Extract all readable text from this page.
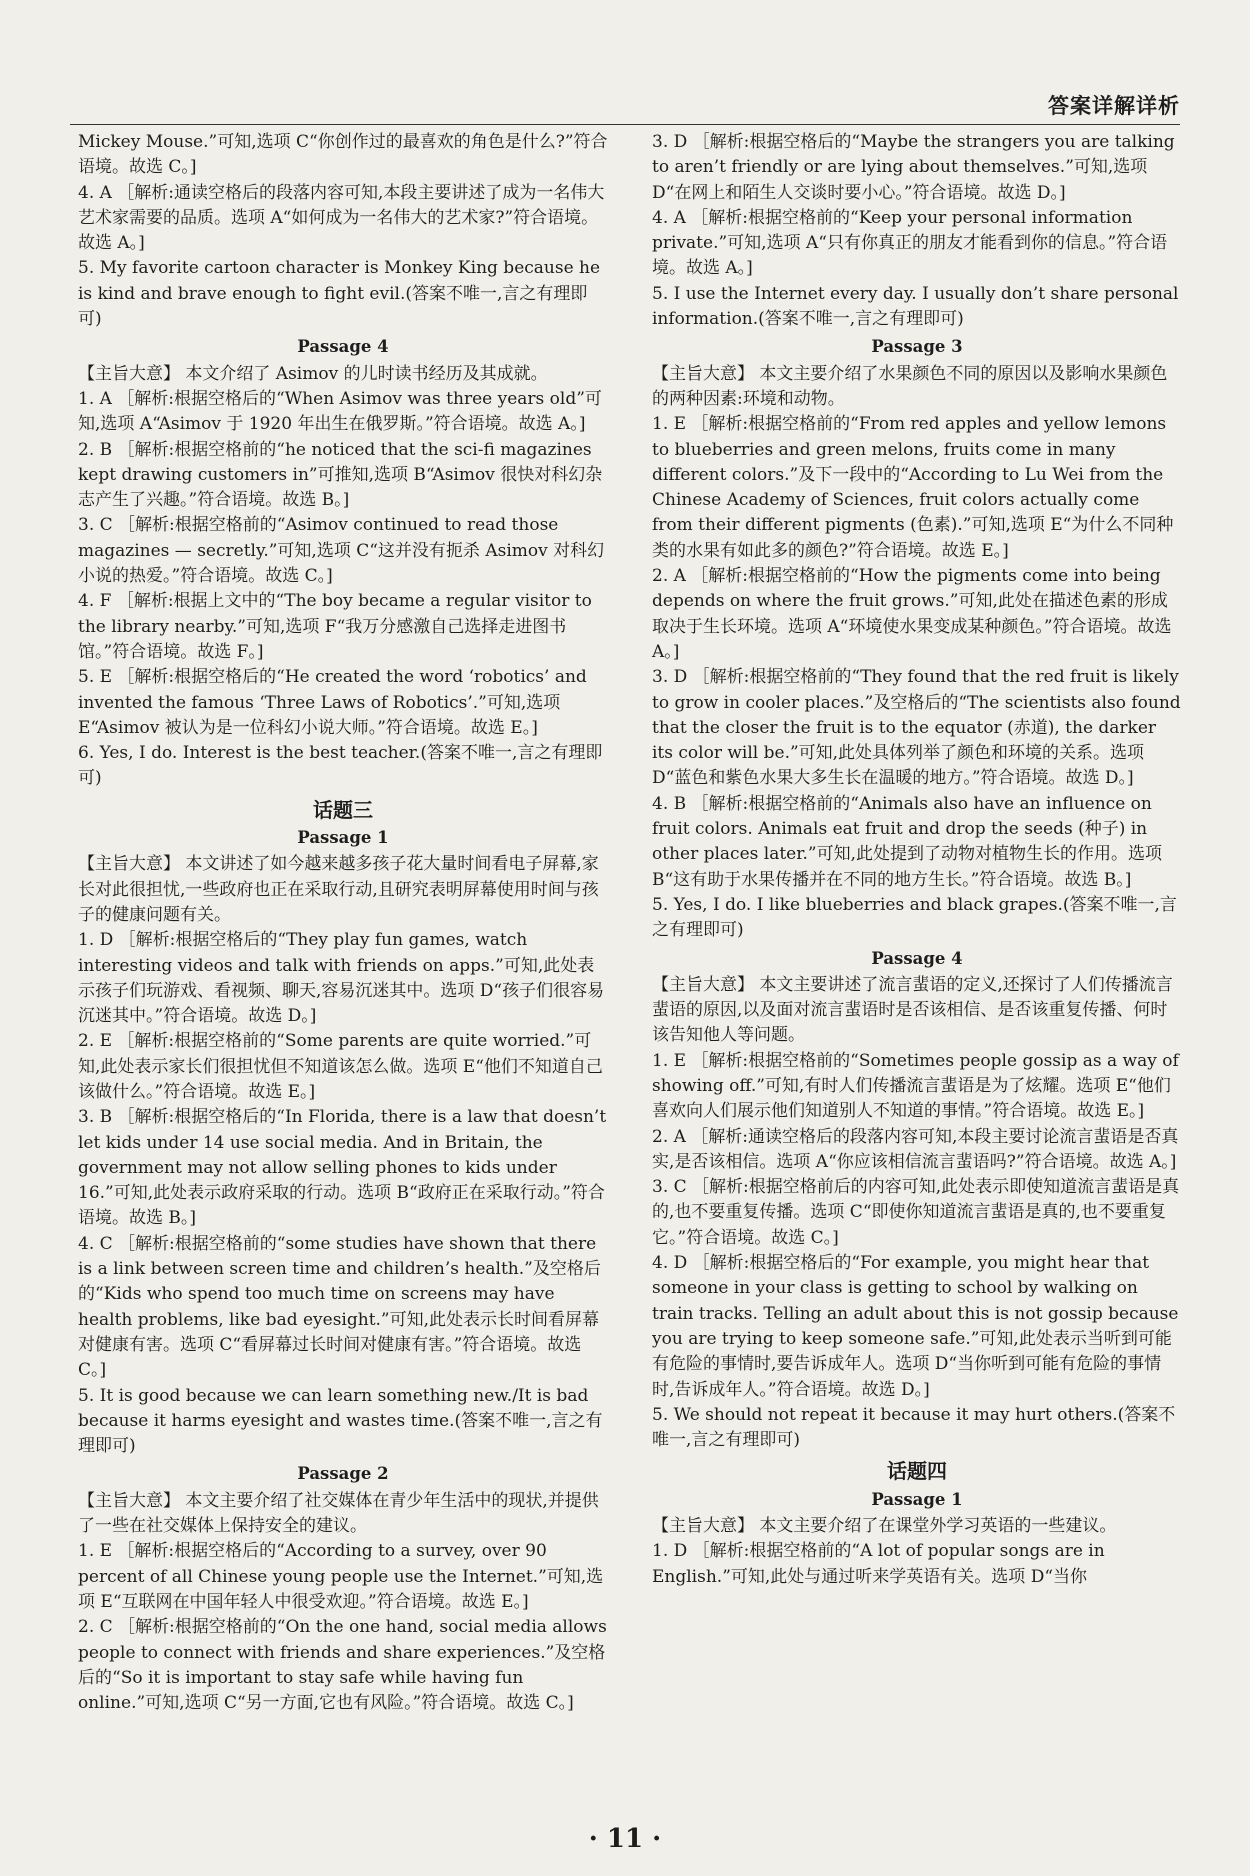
答案详解详析

Mickey Mouse.”可知,选项 C“你创作过的最喜欢的角色是什么?”符合语境。故选 C。]

4. A ［解析:通读空格后的段落内容可知,本段主要讲述了成为一名伟大艺术家需要的品质。选项 A“如何成为一名伟大的艺术家?”符合语境。故选 A。]

5. My favorite cartoon character is Monkey King because he is kind and brave enough to fight evil.(答案不唯一,言之有理即可)

Passage 4

【主旨大意】 本文介绍了 Asimov 的儿时读书经历及其成就。

1. A ［解析:根据空格后的“When Asimov was three years old”可知,选项 A“Asimov 于 1920 年出生在俄罗斯。”符合语境。故选 A。]

2. B ［解析:根据空格前的“he noticed that the sci-fi magazines kept drawing customers in”可推知,选项 B“Asimov 很快对科幻杂志产生了兴趣。”符合语境。故选 B。]

3. C ［解析:根据空格前的“Asimov continued to read those magazines — secretly.”可知,选项 C“这并没有扼杀 Asimov 对科幻小说的热爱。”符合语境。故选 C。]

4. F ［解析:根据上文中的“The boy became a regular visitor to the library nearby.”可知,选项 F“我万分感激自己选择走进图书馆。”符合语境。故选 F。]

5. E ［解析:根据空格后的“He created the word ‘robotics’ and invented the famous ‘Three Laws of Robotics’.”可知,选项 E“Asimov 被认为是一位科幻小说大师。”符合语境。故选 E。]

6. Yes, I do. Interest is the best teacher.(答案不唯一,言之有理即可)

话题三

Passage 1

【主旨大意】 本文讲述了如今越来越多孩子花大量时间看电子屏幕,家长对此很担忧,一些政府也正在采取行动,且研究表明屏幕使用时间与孩子的健康问题有关。

1. D ［解析:根据空格后的“They play fun games, watch interesting videos and talk with friends on apps.”可知,此处表示孩子们玩游戏、看视频、聊天,容易沉迷其中。选项 D“孩子们很容易沉迷其中。”符合语境。故选 D。]

2. E ［解析:根据空格前的“Some parents are quite worried.”可知,此处表示家长们很担忧但不知道该怎么做。选项 E“他们不知道自己该做什么。”符合语境。故选 E。]

3. B ［解析:根据空格后的“In Florida, there is a law that doesn’t let kids under 14 use social media. And in Britain, the government may not allow selling phones to kids under 16.”可知,此处表示政府采取的行动。选项 B“政府正在采取行动。”符合语境。故选 B。]

4. C ［解析:根据空格前的“some studies have shown that there is a link between screen time and children’s health.”及空格后的“Kids who spend too much time on screens may have health problems, like bad eyesight.”可知,此处表示长时间看屏幕对健康有害。选项 C“看屏幕过长时间对健康有害。”符合语境。故选 C。]

5. It is good because we can learn something new./It is bad because it harms eyesight and wastes time.(答案不唯一,言之有理即可)

Passage 2

【主旨大意】 本文主要介绍了社交媒体在青少年生活中的现状,并提供了一些在社交媒体上保持安全的建议。

1. E ［解析:根据空格后的“According to a survey, over 90 percent of all Chinese young people use the Internet.”可知,选项 E“互联网在中国年轻人中很受欢迎。”符合语境。故选 E。]

2. C ［解析:根据空格前的“On the one hand, social media allows people to connect with friends and share experiences.”及空格后的“So it is important to stay safe while having fun online.”可知,选项 C“另一方面,它也有风险。”符合语境。故选 C。]

3. D ［解析:根据空格后的“Maybe the strangers you are talking to aren’t friendly or are lying about themselves.”可知,选项 D“在网上和陌生人交谈时要小心。”符合语境。故选 D。]

4. A ［解析:根据空格前的“Keep your personal information private.”可知,选项 A“只有你真正的朋友才能看到你的信息。”符合语境。故选 A。]

5. I use the Internet every day. I usually don’t share personal information.(答案不唯一,言之有理即可)

Passage 3

【主旨大意】 本文主要介绍了水果颜色不同的原因以及影响水果颜色的两种因素:环境和动物。

1. E ［解析:根据空格前的“From red apples and yellow lemons to blueberries and green melons, fruits come in many different colors.”及下一段中的“According to Lu Wei from the Chinese Academy of Sciences, fruit colors actually come from their different pigments (色素).”可知,选项 E“为什么不同种类的水果有如此多的颜色?”符合语境。故选 E。]

2. A ［解析:根据空格前的“How the pigments come into being depends on where the fruit grows.”可知,此处在描述色素的形成取决于生长环境。选项 A“环境使水果变成某种颜色。”符合语境。故选 A。]

3. D ［解析:根据空格前的“They found that the red fruit is likely to grow in cooler places.”及空格后的“The scientists also found that the closer the fruit is to the equator (赤道), the darker its color will be.”可知,此处具体列举了颜色和环境的关系。选项 D“蓝色和紫色水果大多生长在温暖的地方。”符合语境。故选 D。]

4. B ［解析:根据空格前的“Animals also have an influence on fruit colors. Animals eat fruit and drop the seeds (种子) in other places later.”可知,此处提到了动物对植物生长的作用。选项 B“这有助于水果传播并在不同的地方生长。”符合语境。故选 B。]

5. Yes, I do. I like blueberries and black grapes.(答案不唯一,言之有理即可)

Passage 4

【主旨大意】 本文主要讲述了流言蜚语的定义,还探讨了人们传播流言蜚语的原因,以及面对流言蜚语时是否该相信、是否该重复传播、何时该告知他人等问题。

1. E ［解析:根据空格前的“Sometimes people gossip as a way of showing off.”可知,有时人们传播流言蜚语是为了炫耀。选项 E“他们喜欢向人们展示他们知道别人不知道的事情。”符合语境。故选 E。]

2. A ［解析:通读空格后的段落内容可知,本段主要讨论流言蜚语是否真实,是否该相信。选项 A“你应该相信流言蜚语吗?”符合语境。故选 A。]

3. C ［解析:根据空格前后的内容可知,此处表示即使知道流言蜚语是真的,也不要重复传播。选项 C“即使你知道流言蜚语是真的,也不要重复它。”符合语境。故选 C。]

4. D ［解析:根据空格后的“For example, you might hear that someone in your class is getting to school by walking on train tracks. Telling an adult about this is not gossip because you are trying to keep someone safe.”可知,此处表示当听到可能有危险的事情时,要告诉成年人。选项 D“当你听到可能有危险的事情时,告诉成年人。”符合语境。故选 D。]

5. We should not repeat it because it may hurt others.(答案不唯一,言之有理即可)

话题四

Passage 1

【主旨大意】 本文主要介绍了在课堂外学习英语的一些建议。

1. D ［解析:根据空格前的“A lot of popular songs are in English.”可知,此处与通过听来学英语有关。选项 D“当你

· 11 ·
